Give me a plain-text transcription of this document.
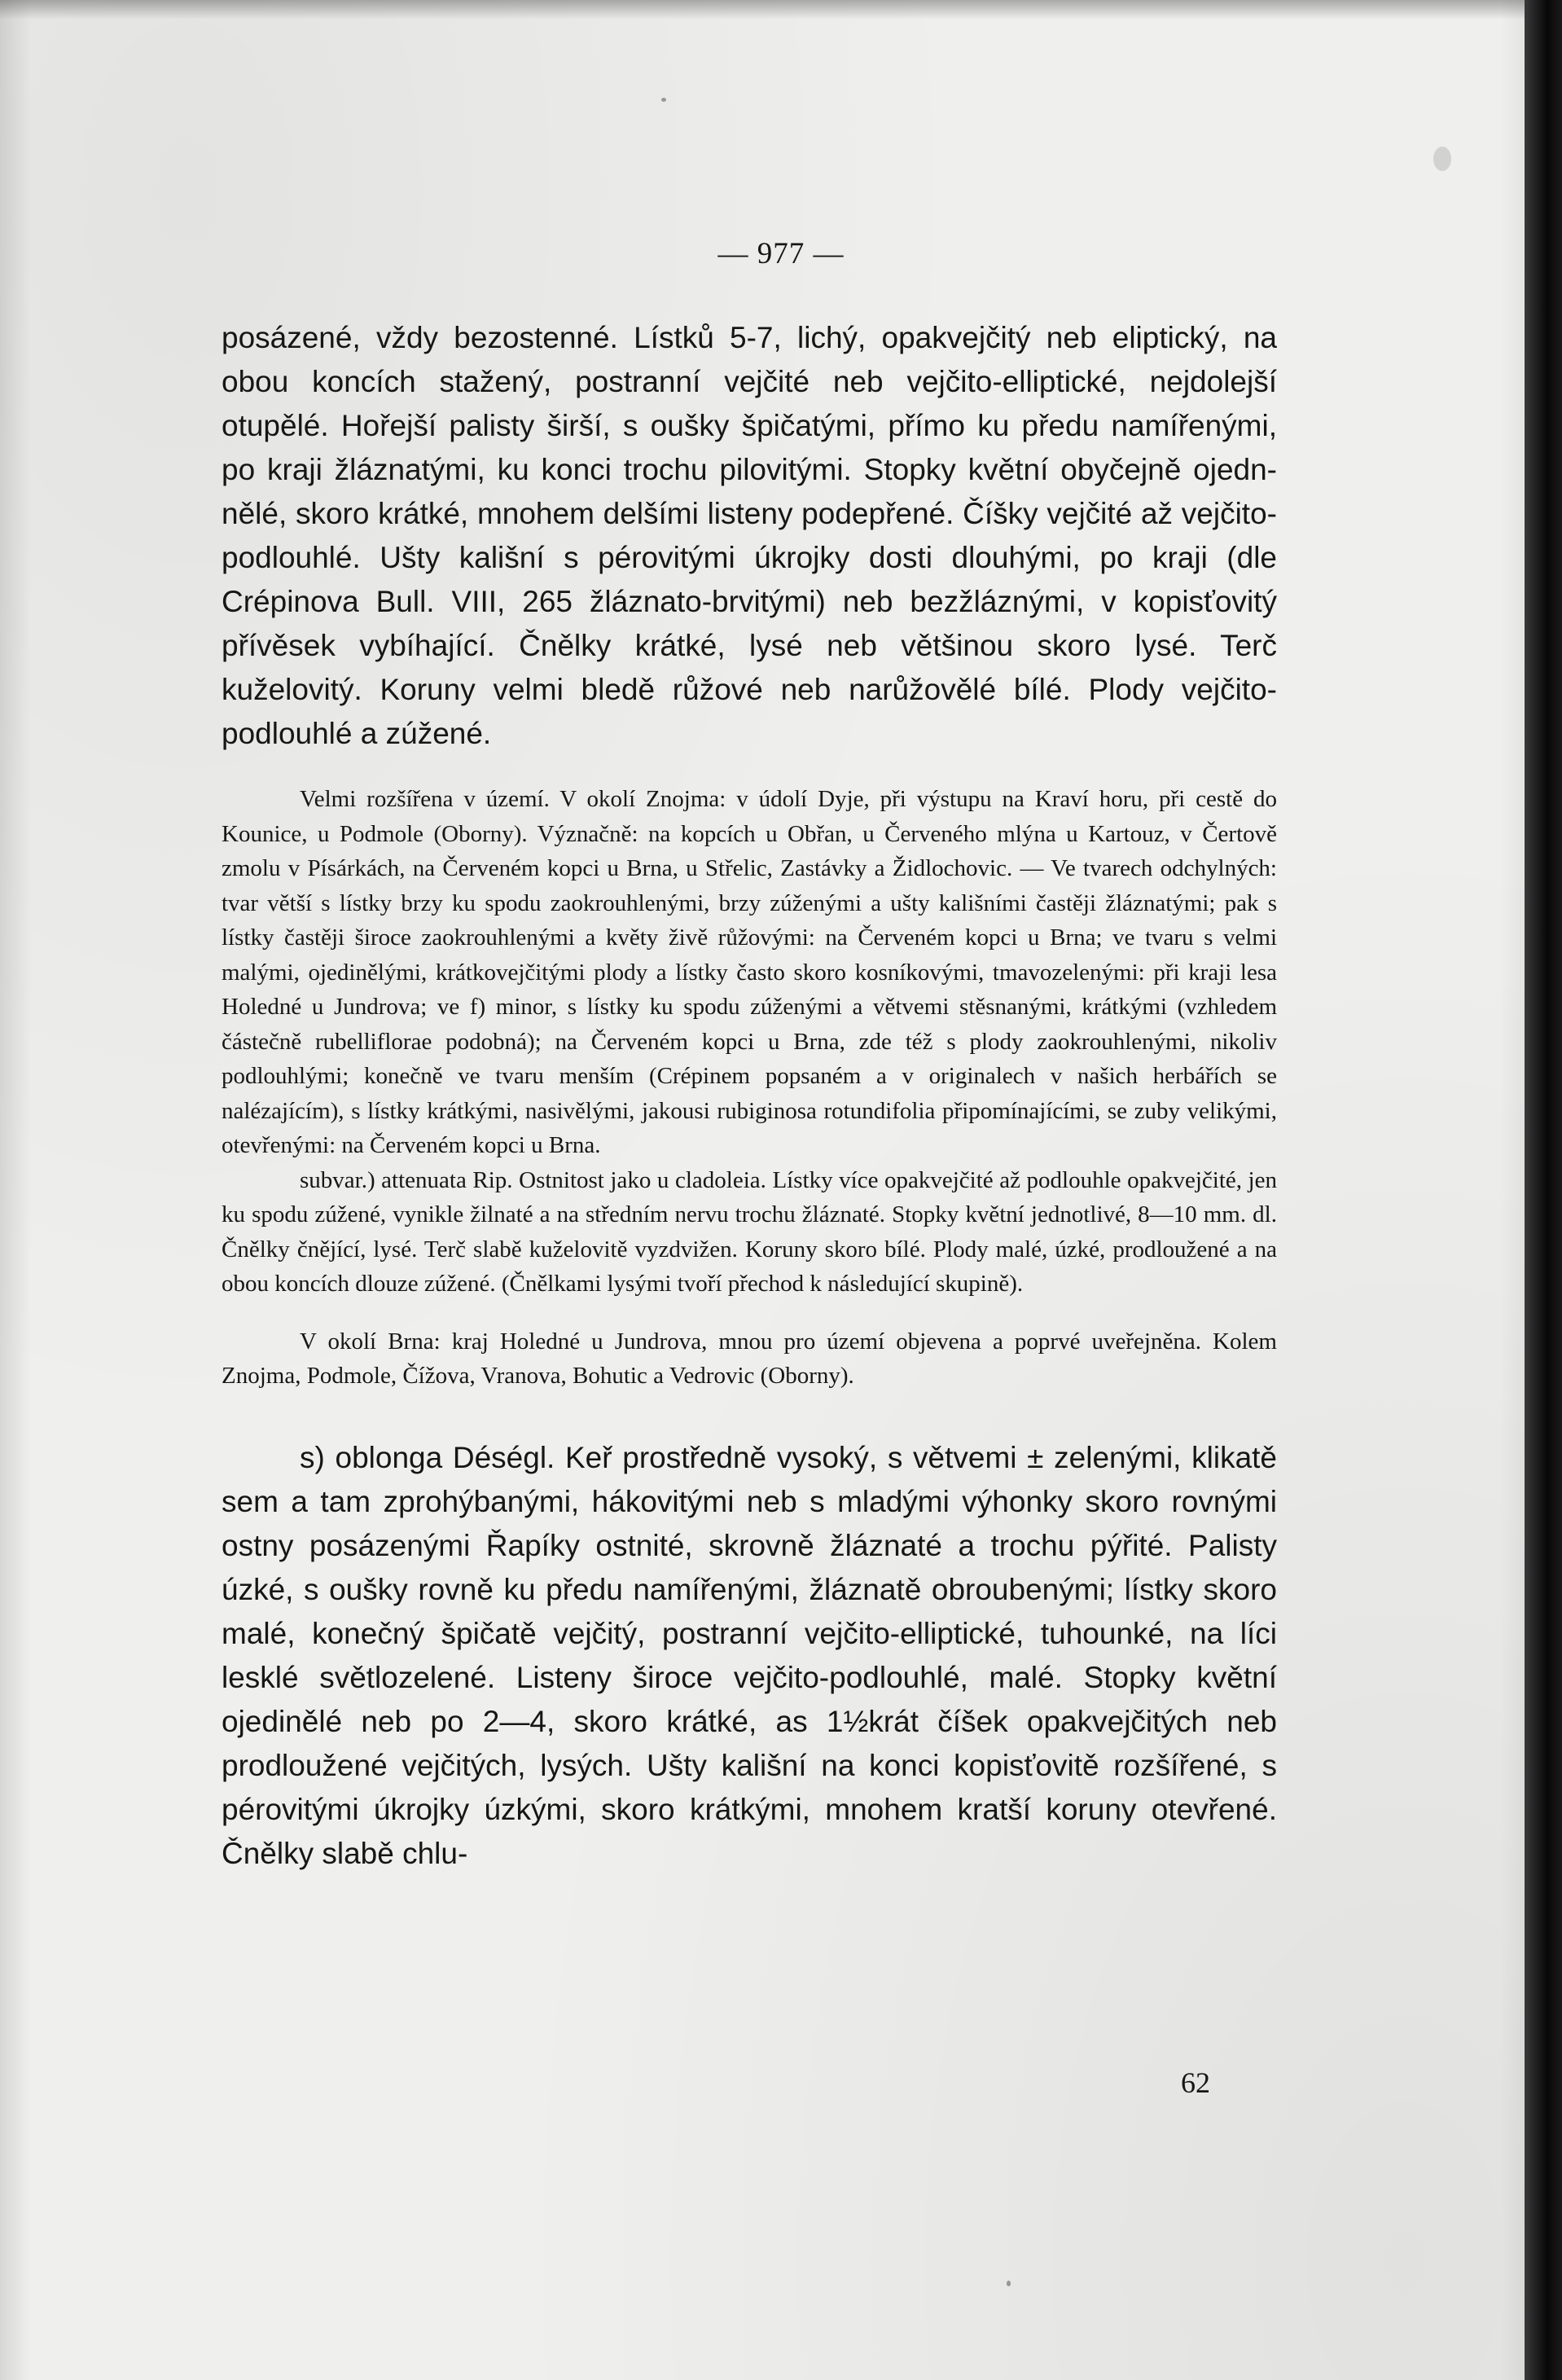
— 977 —

posázené, vždy bezostenné. Lístků 5-7, lichý, opakvejčitý neb eliptický, na obou koncích stažený, postranní vejčité neb vejčito-elliptické, nejdolejší otupělé. Hořejší palisty širší, s oušky špičatými, přímo ku předu namířenými, po kraji žláznatými, ku konci trochu pilovitými. Stopky květní obyčejně ojedn-nělé, skoro krátké, mnohem delšími listeny podepřené. Číšky vejčité až vejčito-podlouhlé. Ušty kališní s pérovitými úkrojky dosti dlouhými, po kraji (dle Crépinova Bull. VIII, 265 žláznato-brvitými) neb bezžláznými, v kopisťovitý přívěsek vybíhající. Čnělky krátké, lysé neb většinou skoro lysé. Terč kuželovitý. Koruny velmi bledě růžové neb narůžovělé bílé. Plody vejčito-podlouhlé a zúžené.

Velmi rozšířena v území. V okolí Znojma: v údolí Dyje, při výstupu na Kraví horu, při cestě do Kounice, u Podmole (Oborny). Význačně: na kopcích u Obřan, u Červeného mlýna u Kartouz, v Čertově zmolu v Písárkách, na Červeném kopci u Brna, u Střelic, Zastávky a Židlochovic. — Ve tvarech odchylných: tvar větší s lístky brzy ku spodu zaokrouhlenými, brzy zúženými a ušty kališními častěji žláznatými; pak s lístky častěji široce zaokrouhlenými a květy živě růžovými: na Červeném kopci u Brna; ve tvaru s velmi malými, ojedinělými, krátkovejčitými plody a lístky často skoro kosníkovými, tmavozelenými: při kraji lesa Holedné u Jundrova; ve f) minor, s lístky ku spodu zúženými a větvemi stěsnanými, krátkými (vzhledem částečně rubelliflorae podobná); na Červeném kopci u Brna, zde též s plody zaokrouhlenými, nikoliv podlouhlými; konečně ve tvaru menším (Crépinem popsaném a v originalech v našich herbářích se nalézajícím), s lístky krátkými, nasivělými, jakousi rubiginosa rotundifolia připomínajícími, se zuby velikými, otevřenými: na Červeném kopci u Brna.

subvar.) attenuata Rip. Ostnitost jako u cladoleia. Lístky více opakvejčité až podlouhle opakvejčité, jen ku spodu zúžené, vynikle žilnaté a na středním nervu trochu žláznaté. Stopky květní jednotlivé, 8—10 mm. dl. Čnělky čnějící, lysé. Terč slabě kuželovitě vyzdvižen. Koruny skoro bílé. Plody malé, úzké, prodloužené a na obou koncích dlouze zúžené. (Čnělkami lysými tvoří přechod k následující skupině).

V okolí Brna: kraj Holedné u Jundrova, mnou pro území objevena a poprvé uveřejněna. Kolem Znojma, Podmole, Čížova, Vranova, Bohutic a Vedrovic (Oborny).

s) oblonga Déségl. Keř prostředně vysoký, s větvemi ± zelenými, klikatě sem a tam zprohýbanými, hákovitými neb s mladými výhonky skoro rovnými ostny posázenými Řapíky ostnité, skrovně žláznaté a trochu pýřité. Palisty úzké, s oušky rovně ku předu namířenými, žláznatě obroubenými; lístky skoro malé, konečný špičatě vejčitý, postranní vejčito-elliptické, tuhounké, na líci lesklé světlozelené. Listeny široce vejčito-podlouhlé, malé. Stopky květní ojedinělé neb po 2—4, skoro krátké, as 1½krát číšek opakvejčitých neb prodloužené vejčitých, lysých. Ušty kališní na konci kopisťovitě rozšířené, s pérovitými úkrojky úzkými, skoro krátkými, mnohem kratší koruny otevřené. Čnělky slabě chlu-

62
